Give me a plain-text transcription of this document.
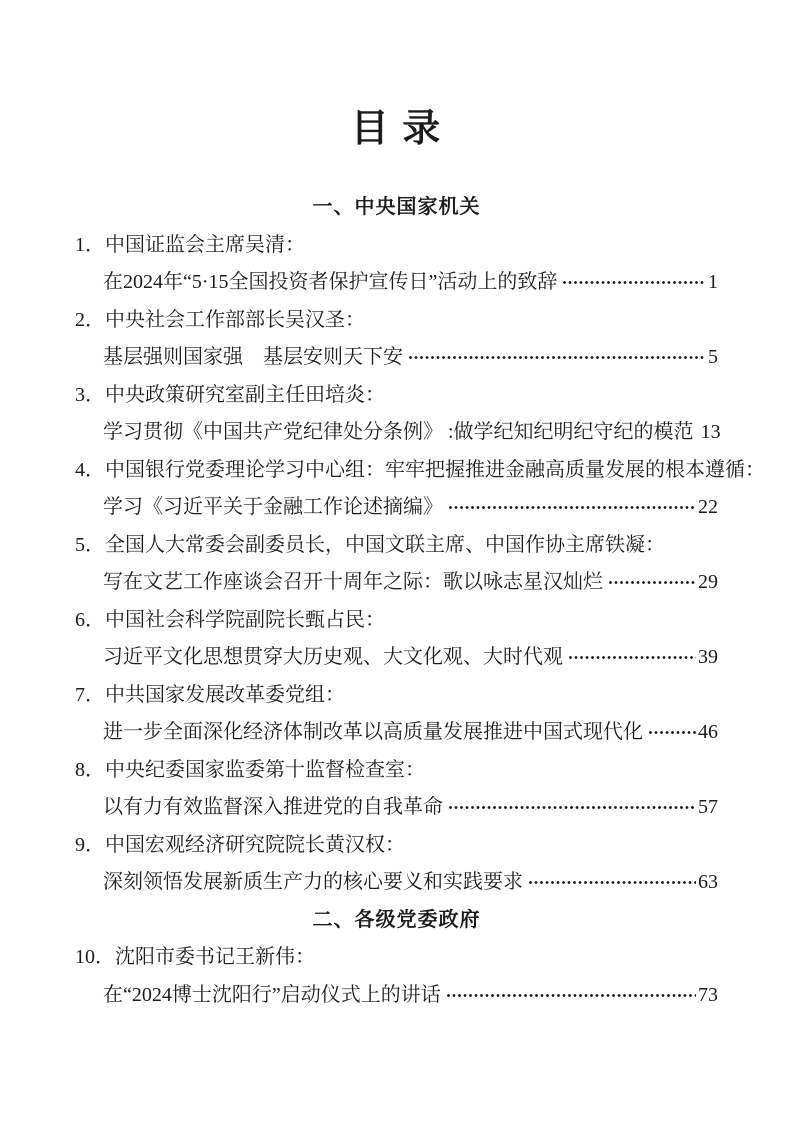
目 录
一、中央国家机关
1．中国证监会主席吴清：
在2024年“5·15全国投资者保护宣传日”活动上的致辞	1
2．中央社会工作部部长吴汉圣：
基层强则国家强　基层安则天下安	5
3．中央政策研究室副主任田培炎：
学习贯彻《中国共产党纪律处分条例》 :做学纪知纪明纪守纪的模范 13
4．中国银行党委理论学习中心组：牢牢把握推进金融高质量发展的根本遵循：
学习《习近平关于金融工作论述摘编》	22
5．全国人大常委会副委员长，中国文联主席、中国作协主席铁凝：
写在文艺工作座谈会召开十周年之际：歌以咏志星汉灿烂	29
6．中国社会科学院副院长甄占民：
习近平文化思想贯穿大历史观、大文化观、大时代观	39
7．中共国家发展改革委党组：
进一步全面深化经济体制改革以高质量发展推进中国式现代化	46
8．中央纪委国家监委第十监督检查室：
以有力有效监督深入推进党的自我革命	57
9．中国宏观经济研究院院长黄汉权：
深刻领悟发展新质生产力的核心要义和实践要求	63
二、各级党委政府
10．沈阳市委书记王新伟：
在“2024博士沈阳行”启动仪式上的讲话	73
